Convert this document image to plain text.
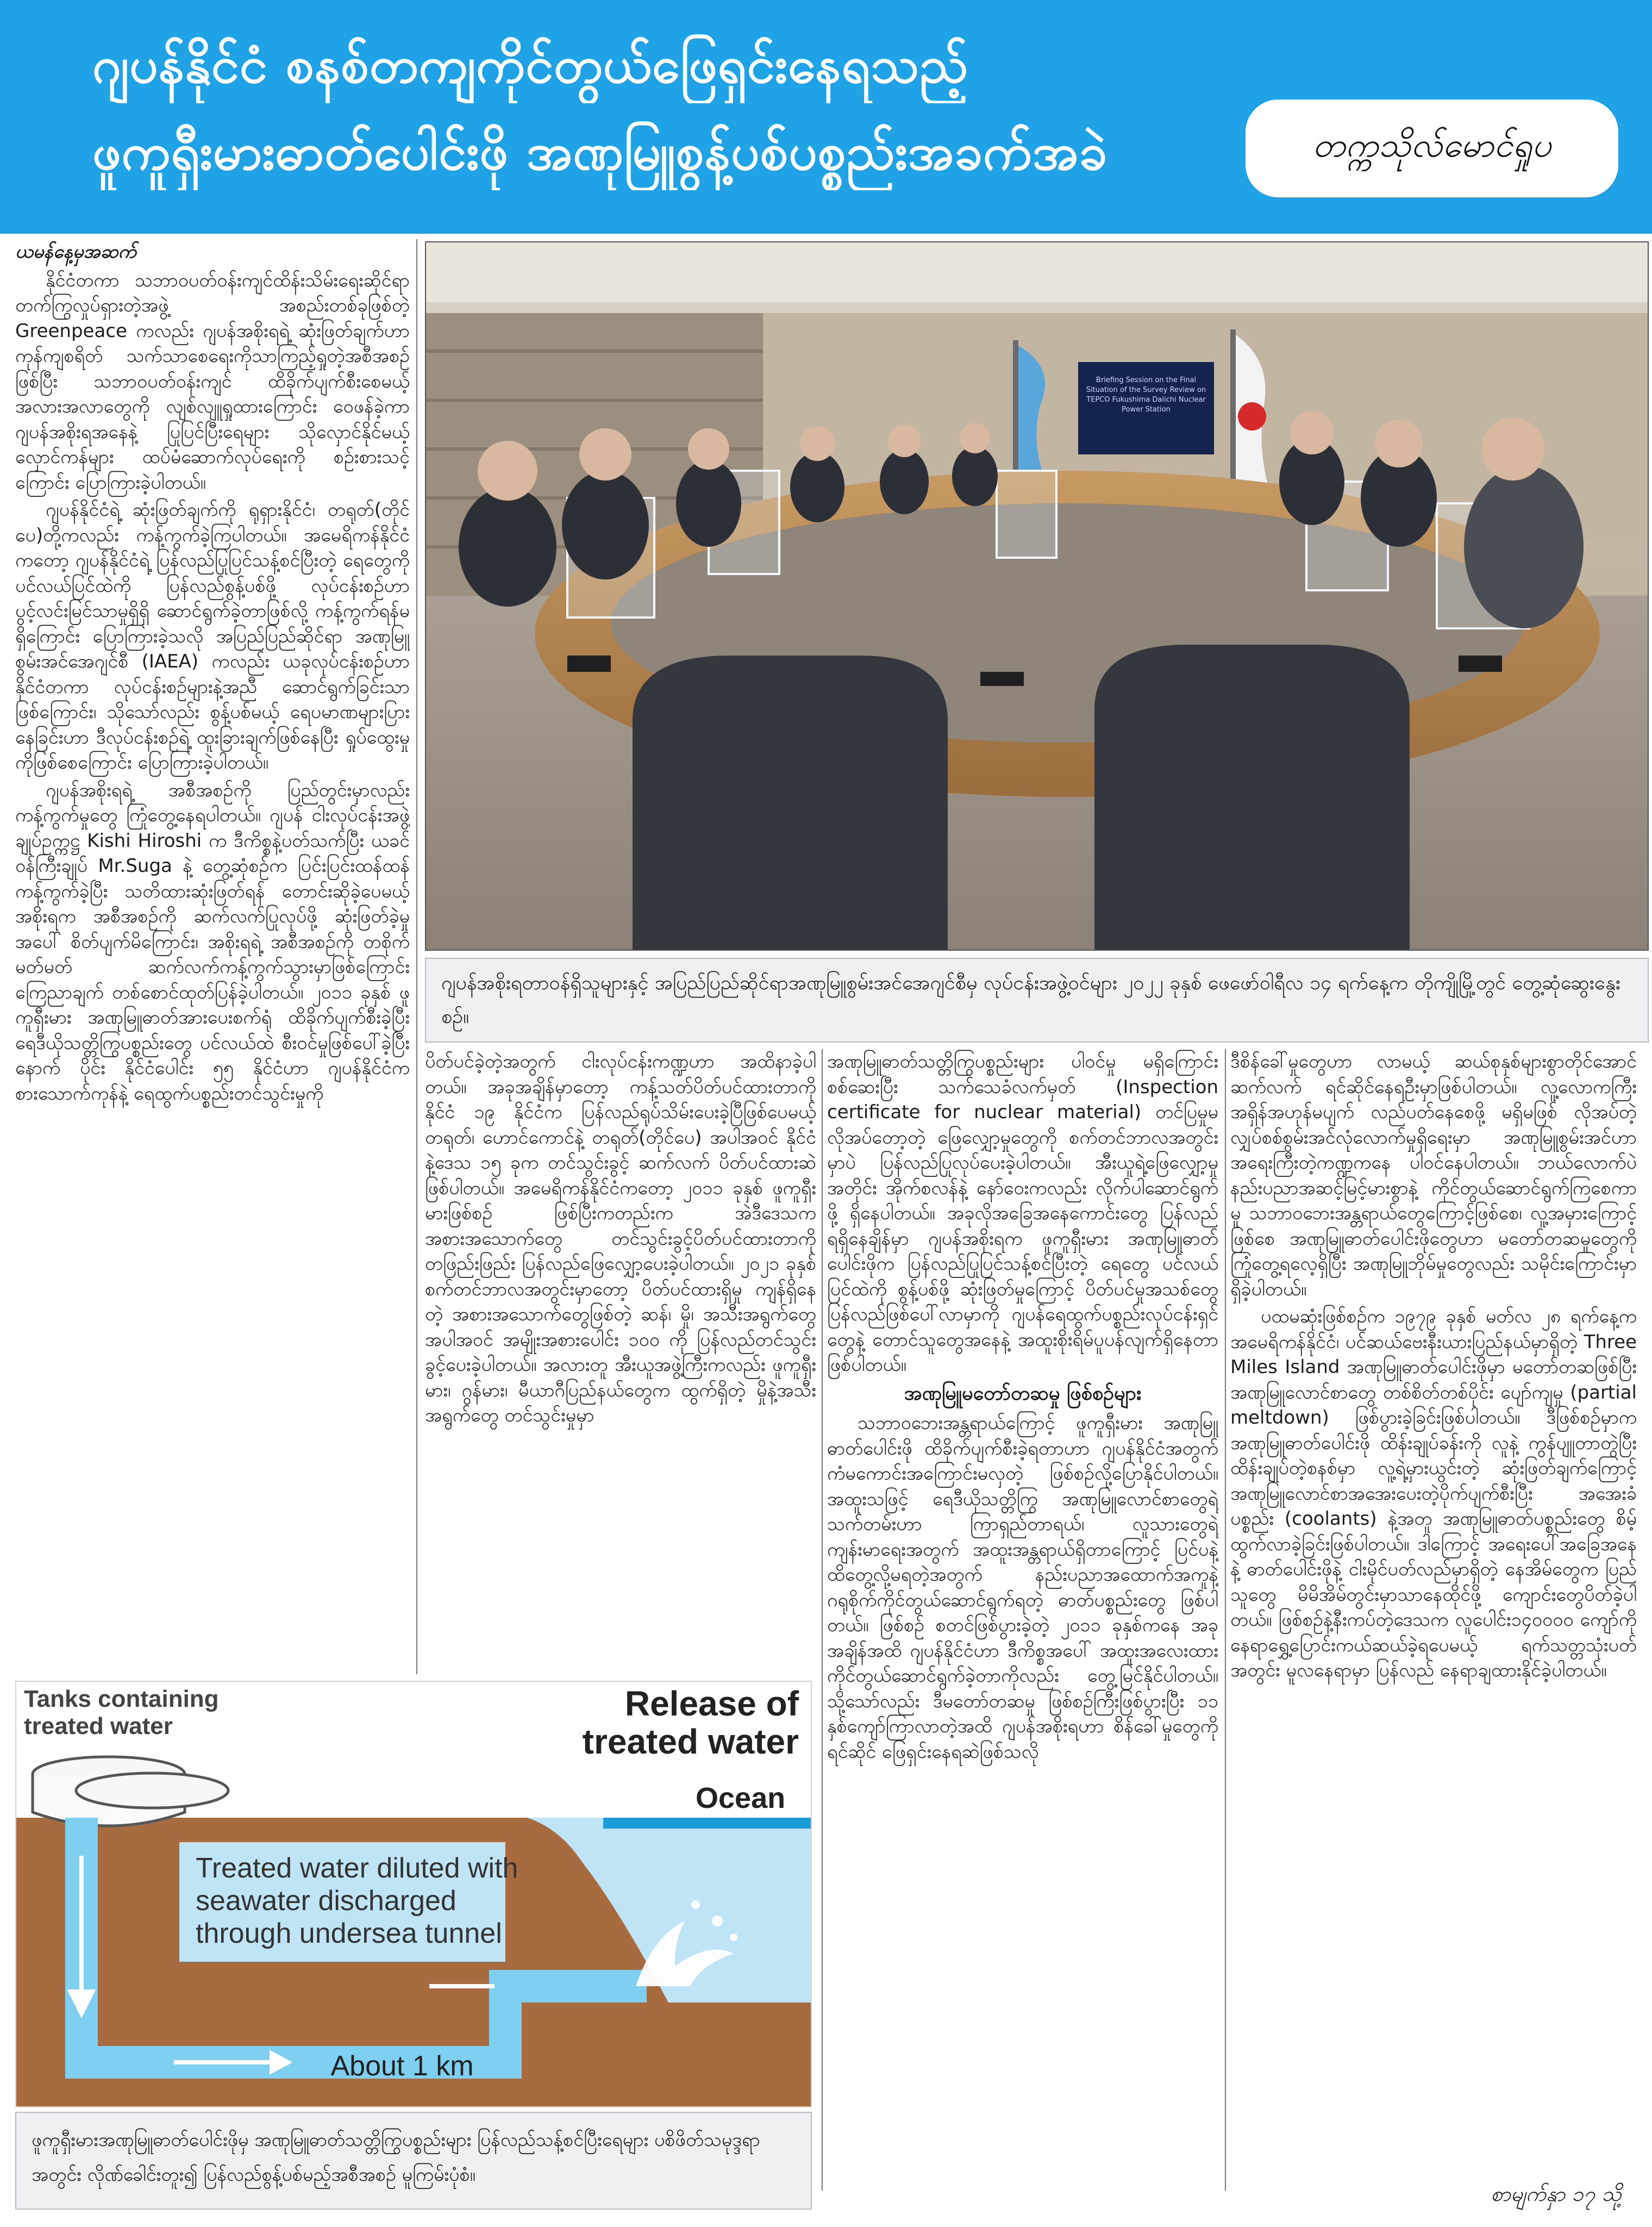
ဂျပန်နိုင်ငံ စနစ်တကျကိုင်တွယ်ဖြေရှင်းနေရသည့်
ဖူကူရှီးမားဓာတ်ပေါင်းဖို အဏုမြူစွန့်ပစ်ပစ္စည်းအခက်အခဲ	တက္ကသိုလ်မောင်ရှုပ

ယမန်နေ့မှအဆက်

နိုင်ငံတကာ သဘာဝပတ်ဝန်းကျင်ထိန်းသိမ်းရေးဆိုင်ရာ တက်ကြွလှုပ်ရှားတဲ့အဖွဲ့ အစည်းတစ်ခုဖြစ်တဲ့ Greenpeace ကလည်း ဂျပန်အစိုးရရဲ့ ဆုံးဖြတ်ချက်ဟာ ကုန်ကျစရိတ် သက်သာစေရေးကိုသာကြည့်ရှုတဲ့အစီအစဉ်ဖြစ်ပြီး သဘာဝပတ်ဝန်းကျင် ထိခိုက်ပျက်စီးစေမယ့် အလားအလာတွေကို လျစ်လျူရှုထားကြောင်း ဝေဖန်ခဲ့ကာ ဂျပန်အစိုးရအနေနဲ့ ပြုပြင်ပြီးရေများ သိုလှောင်နိုင်မယ့် လှောင်ကန်များ ထပ်မံဆောက်လုပ်ရေးကို စဉ်းစားသင့်ကြောင်း ပြောကြားခဲ့ပါတယ်။

ဂျပန်နိုင်ငံရဲ့ ဆုံးဖြတ်ချက်ကို ရုရှားနိုင်ငံ၊ တရုတ်(တိုင်ပေ)တို့ကလည်း ကန့်ကွက်ခဲ့ကြပါတယ်။ အမေရိကန်နိုင်ငံကတော့ ဂျပန်နိုင်ငံရဲ့ ပြန်လည်ပြုပြင်သန့်စင်ပြီးတဲ့ ရေတွေကို ပင်လယ်ပြင်ထဲကို ပြန်လည်စွန့်ပစ်ဖို့ လုပ်ငန်းစဉ်ဟာ ပွင့်လင်းမြင်သာမှုရှိရှိ ဆောင်ရွက်ခဲ့တာဖြစ်လို့ ကန့်ကွက်ရန်မရှိကြောင်း ပြောကြားခဲ့သလို အပြည်ပြည်ဆိုင်ရာ အဏုမြူစွမ်းအင်အေဂျင်စီ (IAEA) ကလည်း ယခုလုပ်ငန်းစဉ်ဟာ နိုင်ငံတကာ လုပ်ငန်းစဉ်များနဲ့အညီ ဆောင်ရွက်ခြင်းသာဖြစ်ကြောင်း၊ သိုသော်လည်း စွန့်ပစ်မယ့် ရေပမာဏများပြားနေခြင်းဟာ ဒီလုပ်ငန်းစဉ်ရဲ့ ထူးခြားချက်ဖြစ်နေပြီး ရှုပ်ထွေးမှုကိုဖြစ်စေကြောင်း ပြောကြားခဲ့ပါတယ်။

ဂျပန်အစိုးရရဲ့ အစီအစဉ်ကို ပြည်တွင်းမှာလည်း ကန့်ကွက်မှုတွေ ကြုံတွေ့နေရပါတယ်။ ဂျပန် ငါးလုပ်ငန်းအဖွဲ့ချုပ်ဥက္ကဋ္ဌ Kishi Hiroshi က ဒီကိစ္စနဲ့ပတ်သက်ပြီး ယခင်ဝန်ကြီးချုပ် Mr.Suga နဲ့ တွေ့ဆုံစဉ်က ပြင်းပြင်းထန်ထန် ကန့်ကွက်ခဲ့ပြီး သတိထားဆုံးဖြတ်ရန် တောင်းဆိုခဲ့ပေမယ့် အစိုးရက အစီအစဉ်ကို ဆက်လက်ပြုလုပ်ဖို့ ဆုံးဖြတ်ခဲ့မှုအပေါ် စိတ်ပျက်မိကြောင်း၊ အစိုးရရဲ့ အစီအစဉ်ကို တစိုက်မတ်မတ် ဆက်လက်ကန့်ကွက်သွားမှာဖြစ်ကြောင်း ကြေညာချက် တစ်စောင်ထုတ်ပြန်ခဲ့ပါတယ်။ ၂၀၁၁ ခုနှစ် ဖူကူရှီးမား အဏုမြူဓာတ်အားပေးစက်ရုံ ထိခိုက်ပျက်စီးခဲ့ပြီး ရေဒီယိုသတ္တိကြွပစ္စည်းတွေ ပင်လယ်ထဲ စီးဝင်မှုဖြစ်ပေါ်ခဲ့ပြီးနောက် ပိုင်း နိုင်ငံပေါင်း ၅၅ နိုင်ငံဟာ ဂျပန်နိုင်ငံက စားသောက်ကုန်နဲ့ ရေထွက်ပစ္စည်းတင်သွင်းမှုကို

Briefing Session on the Final Situation of the Survey Review on TEPCO Fukushima Daiichi Nuclear Power Station
ဂျပန်အစိုးရတာဝန်ရှိသူများနှင့် အပြည်ပြည်ဆိုင်ရာအဏုမြူစွမ်းအင်အေဂျင်စီမှ လုပ်ငန်းအဖွဲ့ဝင်များ ၂၀၂၂ ခုနှစ် ဖေဖော်ဝါရီလ ၁၄ ရက်နေ့က တိုကျိုမြို့တွင် တွေ့ဆုံဆွေးနွေးစဉ်။

ပိတ်ပင်ခဲ့တဲ့အတွက် ငါးလုပ်ငန်းကဏ္ဍဟာ အထိနာခဲ့ပါတယ်။ အခုအချိန်မှာတော့ ကန့်သတ်ပိတ်ပင်ထားတာကို နိုင်ငံ ၁၉ နိုင်ငံက ပြန်လည်ရုပ်သိမ်းပေးခဲ့ပြီဖြစ်ပေမယ့် တရုတ်၊ ဟောင်ကောင်နဲ့ တရုတ်(တိုင်ပေ) အပါအဝင် နိုင်ငံနဲ့ဒေသ ၁၅ ခုက တင်သွင်းခွင့် ဆက်လက် ပိတ်ပင်ထားဆဲဖြစ်ပါတယ်။ အမေရိကန်နိုင်ငံကတော့ ၂၀၁၁ ခုနှစ် ဖူကူရှီးမားဖြစ်စဉ် ဖြစ်ပြီးကတည်းက အဲဒီဒေသက အစားအသောက်တွေ တင်သွင်းခွင့်ပိတ်ပင်ထားတာကို တဖြည်းဖြည်း ပြန်လည်ဖြေလျှော့ပေးခဲ့ပါတယ်။ ၂၀၂၁ ခုနှစ်စက်တင်ဘာလအတွင်းမှာတော့ ပိတ်ပင်ထားရှိမှု ကျန်ရှိနေတဲ့ အစားအသောက်တွေဖြစ်တဲ့ ဆန်၊ မှို၊ အသီးအရွက်တွေအပါအဝင် အမျိုးအစားပေါင်း ၁၀၀ ကို ပြန်လည်တင်သွင်းခွင့်ပေးခဲ့ပါတယ်။ အလားတူ အီးယူအဖွဲ့ကြီးကလည်း ဖူကူရှီးမား၊ ဂွန်မား၊ မီယာဂီပြည်နယ်တွေက ထွက်ရှိတဲ့ မှိုနဲ့အသီးအရွက်တွေ တင်သွင်းမှုမှာ

အဏုမြူဓာတ်သတ္တိကြွပစ္စည်းများ ပါဝင်မှု မရှိကြောင်း စစ်ဆေးပြီး သက်သေခံလက်မှတ် (Inspection certificate for nuclear material) တင်ပြမှုမလိုအပ်တော့တဲ့ ဖြေလျှော့မှုတွေကို စက်တင်ဘာလအတွင်းမှာပဲ ပြန်လည်ပြုလုပ်ပေးခဲ့ပါတယ်။ အီးယူရဲ့ဖြေလျှော့မှုအတိုင်း အိုက်စလန်နဲ့ နော်ဝေးကလည်း လိုက်ပါဆောင်ရွက်ဖို့ ရှိနေပါတယ်။ အခုလိုအခြေအနေကောင်းတွေ ပြန်လည်ရရှိနေချိန်မှာ ဂျပန်အစိုးရက ဖူကူရှီးမား အဏုမြူဓာတ်ပေါင်းဖိုက ပြန်လည်ပြုပြင်သန့်စင်ပြီးတဲ့ ရေတွေ ပင်လယ်ပြင်ထဲကို စွန့်ပစ်ဖို့ ဆုံးဖြတ်မှုကြောင့် ပိတ်ပင်မှုအသစ်တွေ ပြန်လည်ဖြစ်ပေါ်လာမှာကို ဂျပန်ရေထွက်ပစ္စည်းလုပ်ငန်းရှင်တွေနဲ့ တောင်သူတွေအနေနဲ့ အထူးစိုးရိမ်ပူပန်လျက်ရှိနေတာ ဖြစ်ပါတယ်။

အဏုမြူမတော်တဆမှု ဖြစ်စဉ်များ

သဘာဝဘေးအန္တရာယ်ကြောင့် ဖူကူရှီးမား အဏုမြူဓာတ်ပေါင်းဖို ထိခိုက်ပျက်စီးခဲ့ရတာဟာ ဂျပန်နိုင်ငံအတွက် ကံမကောင်းအကြောင်းမလှတဲ့ ဖြစ်စဉ်လို့ပြောနိုင်ပါတယ်။ အထူးသဖြင့် ရေဒီယိုသတ္တိကြွ အဏုမြူလောင်စာတွေရဲ့ သက်တမ်းဟာ ကြာရှည်တာရယ်၊ လူသားတွေရဲ့ ကျန်းမာရေးအတွက် အထူးအန္တရာယ်ရှိတာကြောင့် ပြင်ပနဲ့ ထိတွေ့လို့မရတဲ့အတွက် နည်းပညာအထောက်အကူနဲ့ ဂရုစိုက်ကိုင်တွယ်ဆောင်ရွက်ရတဲ့ ဓာတ်ပစ္စည်းတွေ ဖြစ်ပါတယ်။ ဖြစ်စဉ် စတင်ဖြစ်ပွားခဲ့တဲ့ ၂၀၁၁ ခုနှစ်ကနေ အခုအချိန်အထိ ဂျပန်နိုင်ငံဟာ ဒီကိစ္စအပေါ် အထူးအလေးထား ကိုင်တွယ်ဆောင်ရွက်ခဲ့တာကိုလည်း တွေ့မြင်နိုင်ပါတယ်။ သို့သော်လည်း ဒီမတော်တဆမှု ဖြစ်စဉ်ကြီးဖြစ်ပွားပြီး ၁၁ နှစ်ကျော်ကြာလာတဲ့အထိ ဂျပန်အစိုးရဟာ စိန်ခေါ်မှုတွေကို ရင်ဆိုင် ဖြေရှင်းနေရဆဲဖြစ်သလို

ဒီစိန်ခေါ်မှုတွေဟာ လာမယ့် ဆယ်စုနှစ်များစွာတိုင်အောင် ဆက်လက် ရင်ဆိုင်နေရဦးမှာဖြစ်ပါတယ်။ လူ့လောကကြီး အရှိန်အဟုန်မပျက် လည်ပတ်နေစေဖို့ မရှိမဖြစ် လိုအပ်တဲ့ လျှပ်စစ်စွမ်းအင်လုံလောက်မှုရှိရေးမှာ အဏုမြူစွမ်းအင်ဟာ အရေးကြီးတဲ့ကဏ္ဍကနေ ပါဝင်နေပါတယ်။ ဘယ်လောက်ပဲ နည်းပညာအဆင့်မြင့်မားစွာနဲ့ ကိုင်တွယ်ဆောင်ရွက်ကြစေကာမူ သဘာဝဘေးအန္တရာယ်တွေကြောင့်ဖြစ်စေ၊ လူ့အမှားကြောင့်ဖြစ်စေ အဏုမြူဓာတ်ပေါင်းဖိုတွေဟာ မတော်တဆမှုတွေကို ကြုံတွေ့ရလေ့ရှိပြီး အဏုမြူဘိုမ်မှုတွေလည်း သမိုင်းကြောင်းမှာ ရှိခဲ့ပါတယ်။

ပထမဆုံးဖြစ်စဉ်က ၁၉၇၉ ခုနှစ် မတ်လ ၂၈ ရက်နေ့က အမေရိကန်နိုင်ငံ၊ ပင်ဆယ်ဗေးနီးယားပြည်နယ်မှာရှိတဲ့ Three Miles Island အဏုမြူဓာတ်ပေါင်းဖိုမှာ မတော်တဆဖြစ်ပြီး အဏုမြူလောင်စာတွေ တစ်စိတ်တစ်ပိုင်း ပျော်ကျမှု (partial meltdown) ဖြစ်ပွားခဲ့ခြင်းဖြစ်ပါတယ်။ ဒီဖြစ်စဉ်မှာက အဏုမြူဓာတ်ပေါင်းဖို ထိန်းချုပ်ခန်းကို လူနဲ့ ကွန်ပျူတာတွဲပြီး ထိန်းချုပ်တဲ့စနစ်မှာ လူ့ရဲ့မှားယွင်းတဲ့ ဆုံးဖြတ်ချက်ကြောင့် အဏုမြူလောင်စာအအေးပေးတဲ့ပိုက်ပျက်စီးပြီး အအေးခံပစ္စည်း (coolants) နဲ့အတူ အဏုမြူဓာတ်ပစ္စည်းတွေ စိမ့်ထွက်လာခဲ့ခြင်းဖြစ်ပါတယ်။ ဒါကြောင့် အရေးပေါ်အခြေအနေနဲ့ ဓာတ်ပေါင်းဖိုနဲ့ ငါးမိုင်ပတ်လည်မှာရှိတဲ့ နေအိမ်တွေက ပြည်သူတွေ မိမိအိမ်တွင်းမှာသာနေထိုင်ဖို့ ကျောင်းတွေပိတ်ခဲ့ပါတယ်။ ဖြစ်စဉ်နဲ့နီးကပ်တဲ့ဒေသက လူပေါင်း၁၄၀၀၀၀ ကျော်ကို နေရာရွှေ့ပြောင်းကယ်ဆယ်ခဲ့ရပေမယ့် ရက်သတ္တသုံးပတ်အတွင်း မူလနေရာမှာ ပြန်လည် နေရာချထားနိုင်ခဲ့ပါတယ်။

Tanks containing
treated water
Release of
treated water
Ocean
Treated water diluted with
seawater discharged
through undersea tunnel
About 1 km
ဖူကူရှီးမားအဏုမြူဓာတ်ပေါင်းဖိုမှ အဏုမြူဓာတ်သတ္တိကြွပစ္စည်းများ ပြန်လည်သန့်စင်ပြီးရေများ ပစိဖိတ်သမုဒ္ဒရာအတွင်း လိုဏ်ခေါင်းတူး၍ ပြန်လည်စွန့်ပစ်မည့်အစီအစဉ် မူကြမ်းပုံစံ။
စာမျက်နှာ ၁၇ သို့
